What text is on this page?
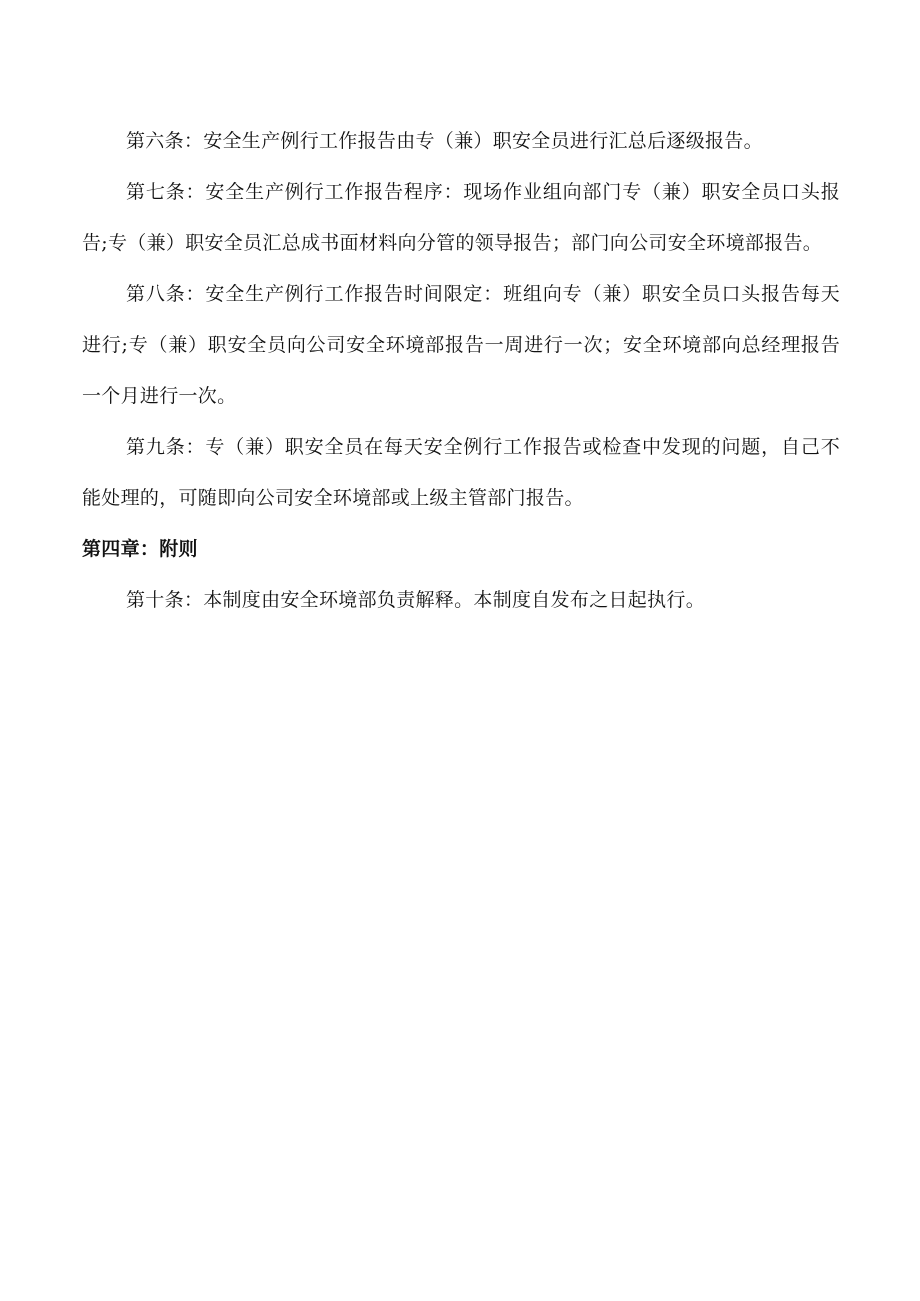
第六条：安全生产例行工作报告由专（兼）职安全员进行汇总后逐级报告。

第七条：安全生产例行工作报告程序：现场作业组向部门专（兼）职安全员口头报告;专（兼）职安全员汇总成书面材料向分管的领导报告；部门向公司安全环境部报告。

第八条：安全生产例行工作报告时间限定：班组向专（兼）职安全员口头报告每天进行;专（兼）职安全员向公司安全环境部报告一周进行一次；安全环境部向总经理报告一个月进行一次。

第九条：专（兼）职安全员在每天安全例行工作报告或检查中发现的问题，自己不能处理的，可随即向公司安全环境部或上级主管部门报告。

第四章：附则

第十条：本制度由安全环境部负责解释。本制度自发布之日起执行。
